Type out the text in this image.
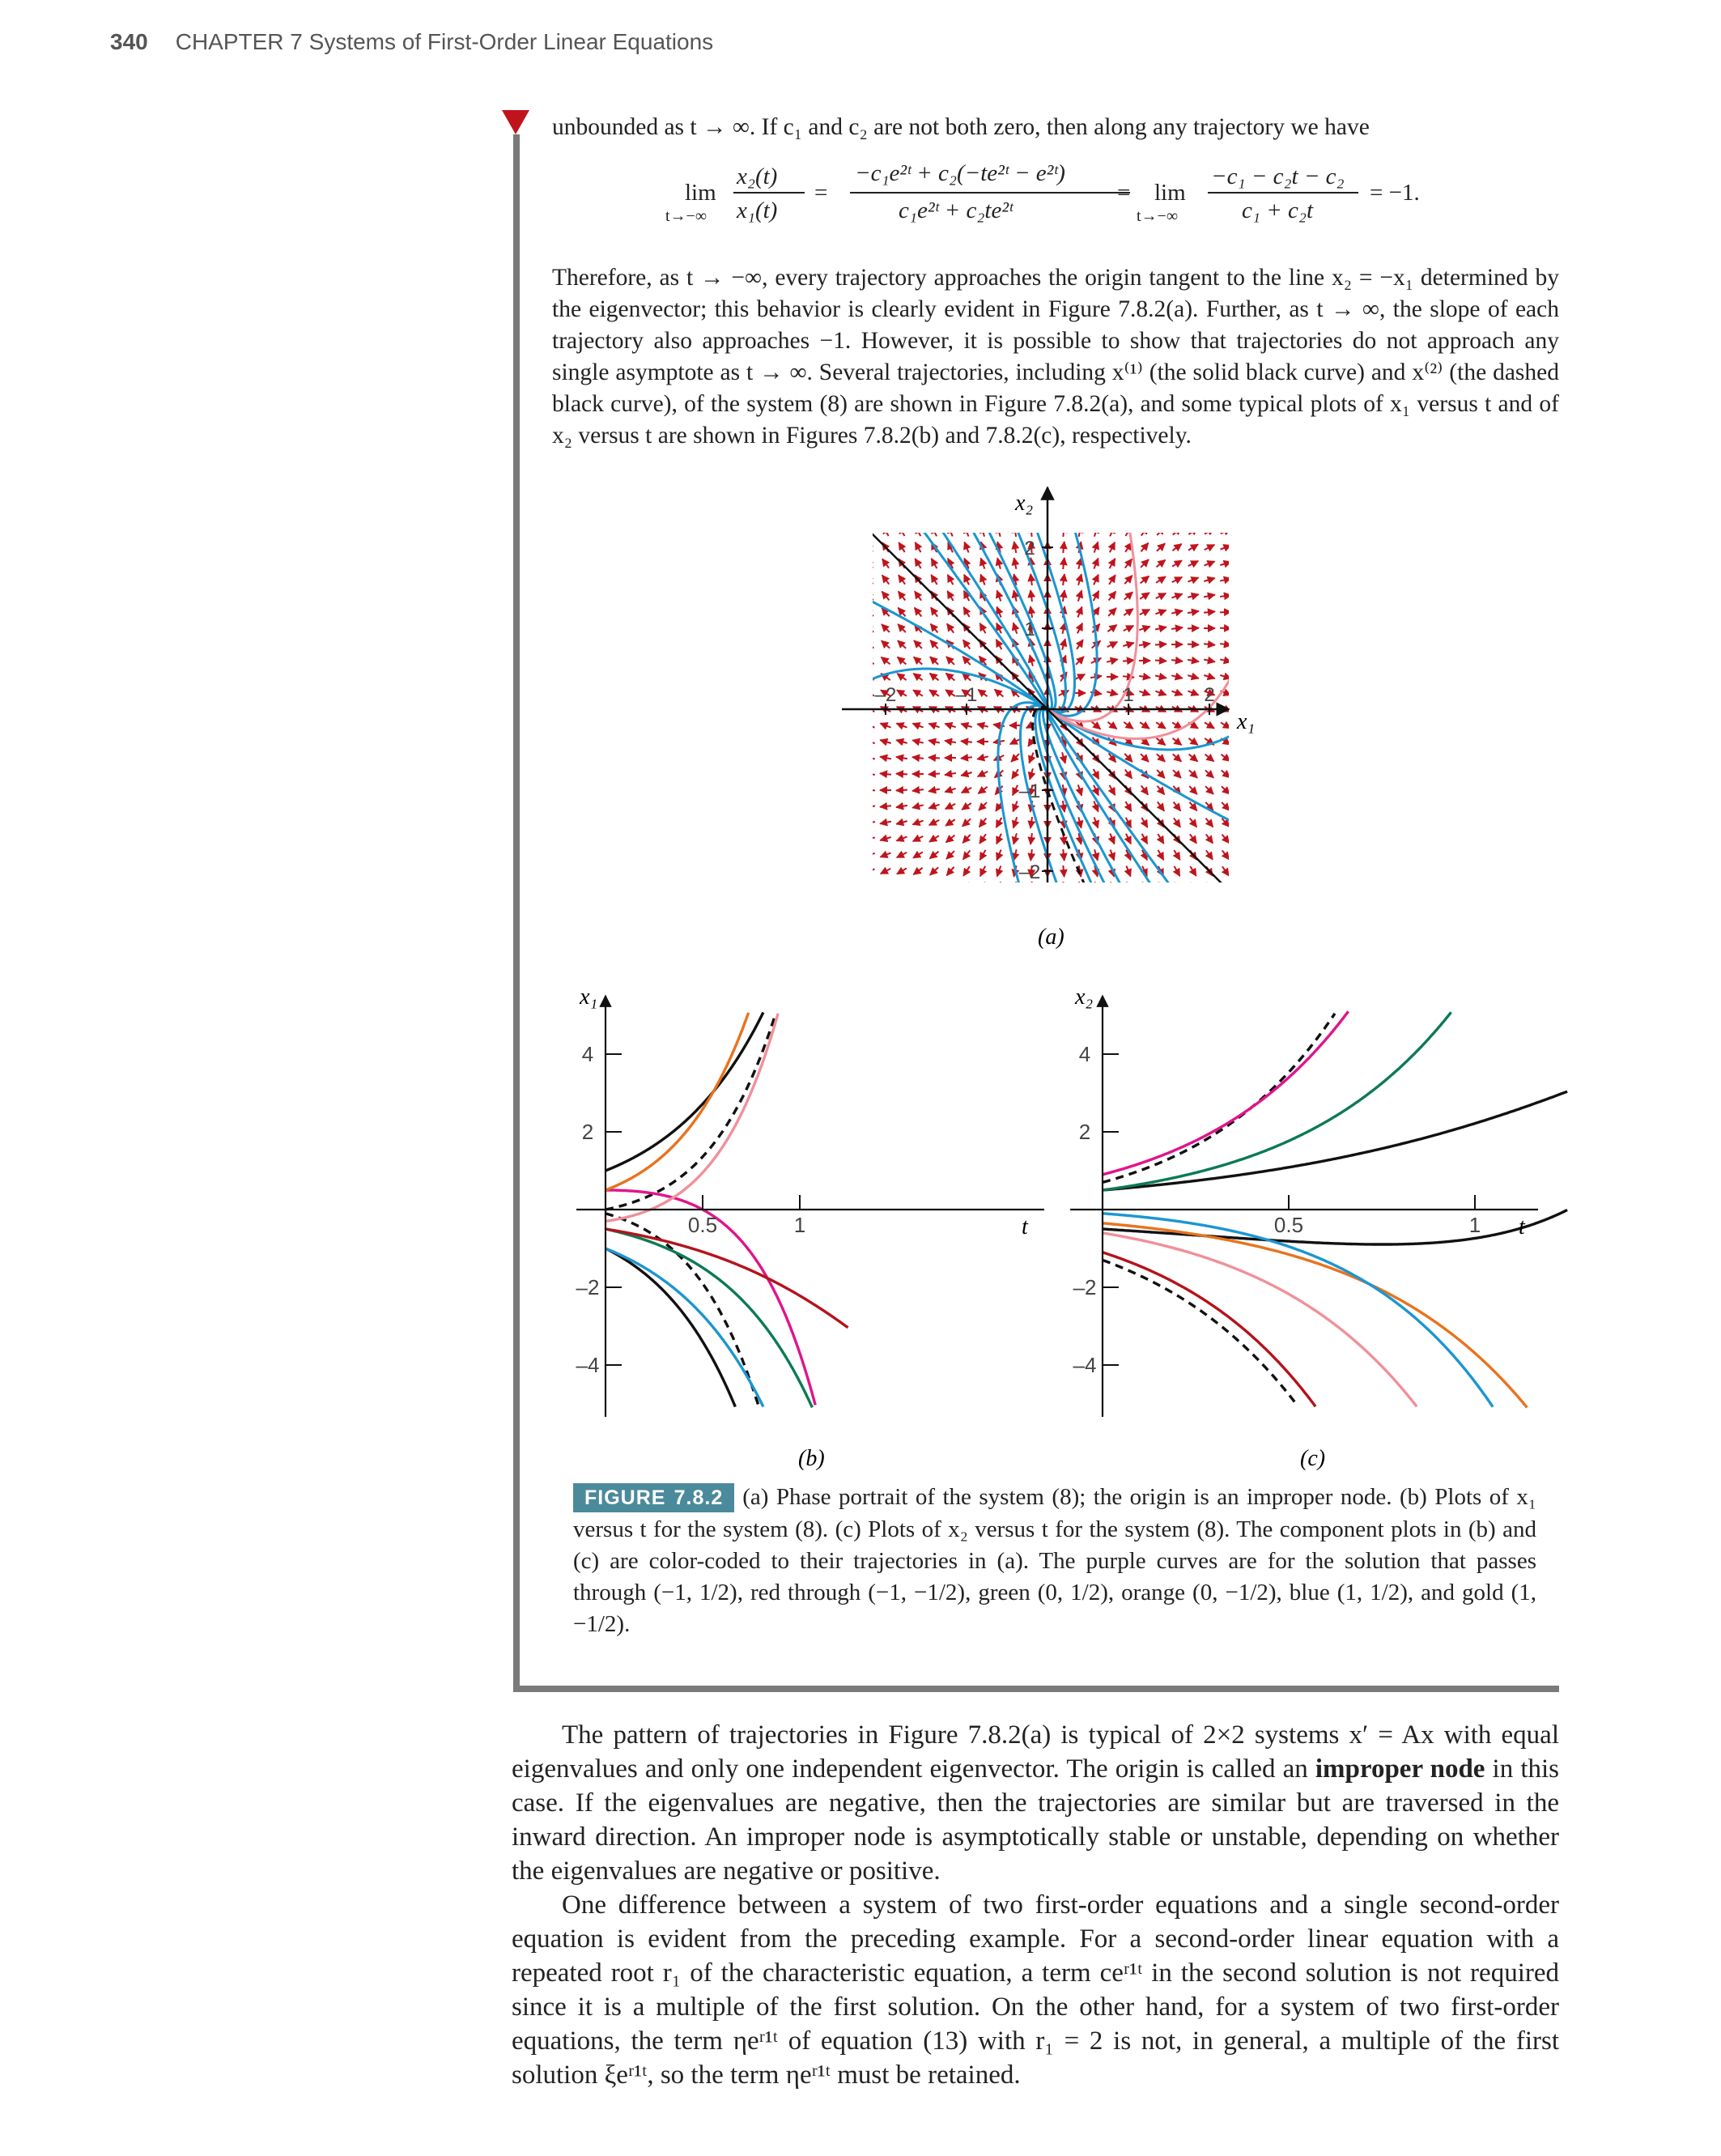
340 CHAPTER 7 Systems of First-Order Linear Equations
unbounded as t → ∞. If c₁ and c₂ are not both zero, then along any trajectory we have
lim
t→−∞
x₂(t)
x₁(t)
=
−c₁e²ᵗ + c₂(−te²ᵗ − e²ᵗ)
c₁e²ᵗ + c₂te²ᵗ
= lim
t→−∞
−c₁ − c₂t − c₂
c₁ + c₂t
= −1.
Therefore, as t → −∞, every trajectory approaches the origin tangent to the line x₂ = −x₁ determined by the eigenvector; this behavior is clearly evident in Figure 7.8.2(a). Further, as t → ∞, the slope of each trajectory also approaches −1. However, it is possible to show that trajectories do not approach any single asymptote as t → ∞. Several trajectories, including x⁽¹⁾ (the solid black curve) and x⁽²⁾ (the dashed black curve), of the system (8) are shown in Figure 7.8.2(a), and some typical plots of x₁ versus t and of x₂ versus t are shown in Figures 7.8.2(b) and 7.8.2(c), respectively.
–2	–1	1	2
2
1
–1
–2
x₁
x₂
(a)
4
2
–2
–4
0.5	1
x₁
t
(b)
4
2
–2
–4
0.5	1
x₂
t
(c)
FIGURE 7.8.2 (a) Phase portrait of the system (8); the origin is an improper node. (b) Plots of x₁ versus t for the system (8). (c) Plots of x₂ versus t for the system (8). The component plots in (b) and (c) are color-coded to their trajectories in (a). The purple curves are for the solution that passes through (−1, 1/2), red through (−1, −1/2), green (0, 1/2), orange (0, −1/2), blue (1, 1/2), and gold (1, −1/2).
The pattern of trajectories in Figure 7.8.2(a) is typical of 2×2 systems x′ = Ax with equal eigenvalues and only one independent eigenvector. The origin is called an improper node in this case. If the eigenvalues are negative, then the trajectories are similar but are traversed in the inward direction. An improper node is asymptotically stable or unstable, depending on whether the eigenvalues are negative or positive.
One difference between a system of two first-order equations and a single second-order equation is evident from the preceding example. For a second-order linear equation with a repeated root r₁ of the characteristic equation, a term ceʳ¹ᵗ in the second solution is not required since it is a multiple of the first solution. On the other hand, for a system of two first-order equations, the term ηeʳ¹ᵗ of equation (13) with r₁ = 2 is not, in general, a multiple of the first solution ξeʳ¹ᵗ, so the term ηeʳ¹ᵗ must be retained.
